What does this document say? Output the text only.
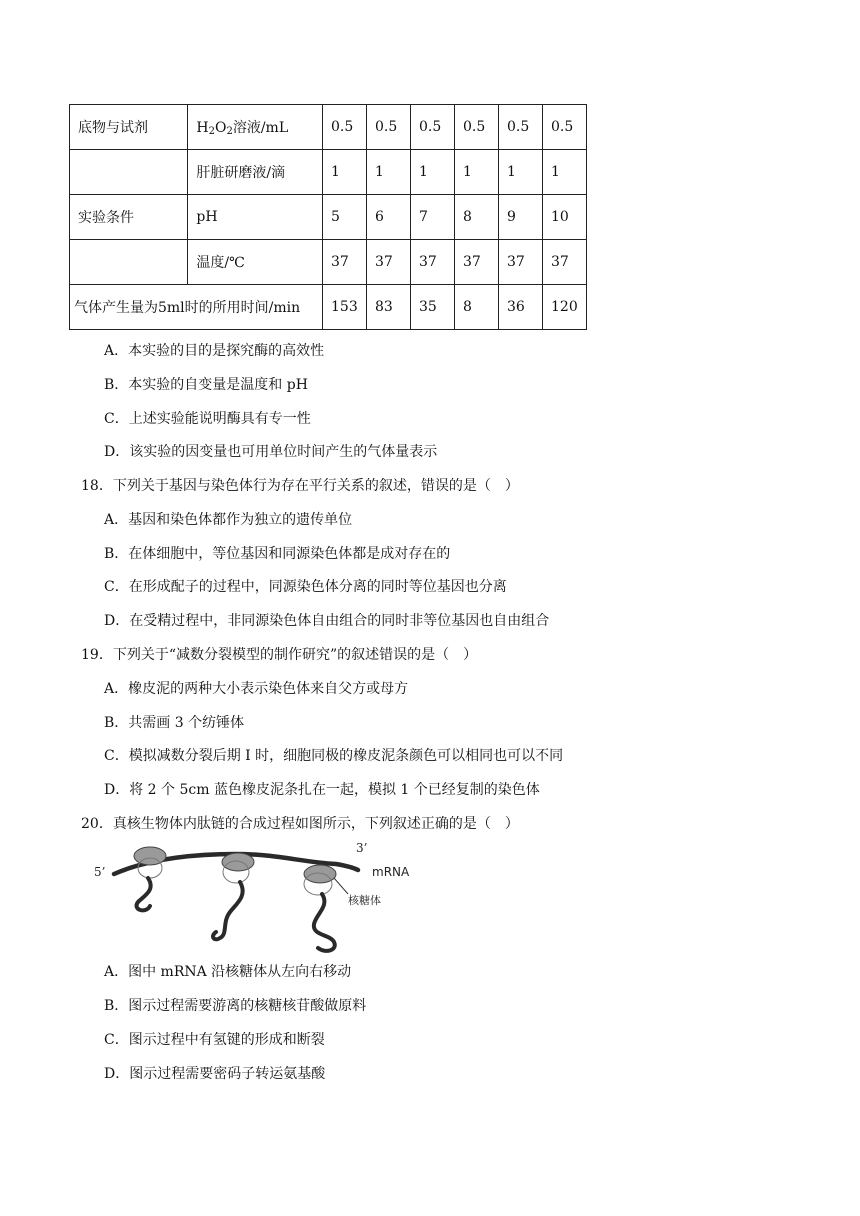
底物与试剂	$H_2O_2$溶液/mL	0.5	0.5	0.5	0.5	0.5	0.5
	肝脏研磨液/滴	1	1	1	1	1	1
实验条件	pH	5	6	7	8	9	10
	温度/℃	37	37	37	37	37	37
气体产生量为5ml时的所用时间/min		153	83	35	8	36	120
A．本实验的目的是探究酶的高效性
B．本实验的自变量是温度和 pH
C．上述实验能说明酶具有专一性
D．该实验的因变量也可用单位时间产生的气体量表示
18．下列关于基因与染色体行为存在平行关系的叙述，错误的是（　）
A．基因和染色体都作为独立的遗传单位
B．在体细胞中，等位基因和同源染色体都是成对存在的
C．在形成配子的过程中，同源染色体分离的同时等位基因也分离
D．在受精过程中，非同源染色体自由组合的同时非等位基因也自由组合
19．下列关于“减数分裂模型的制作研究”的叙述错误的是（　）
A．橡皮泥的两种大小表示染色体来自父方或母方
B．共需画 3 个纺锤体
C．模拟减数分裂后期 I 时，细胞同极的橡皮泥条颜色可以相同也可以不同
D．将 2 个 5cm 蓝色橡皮泥条扎在一起，模拟 1 个已经复制的染色体
20．真核生物体内肽链的合成过程如图所示，下列叙述正确的是（　）
5’
3’
mRNA
核糖体
A．图中 mRNA 沿核糖体从左向右移动
B．图示过程需要游离的核糖核苷酸做原料
C．图示过程中有氢键的形成和断裂
D．图示过程需要密码子转运氨基酸
